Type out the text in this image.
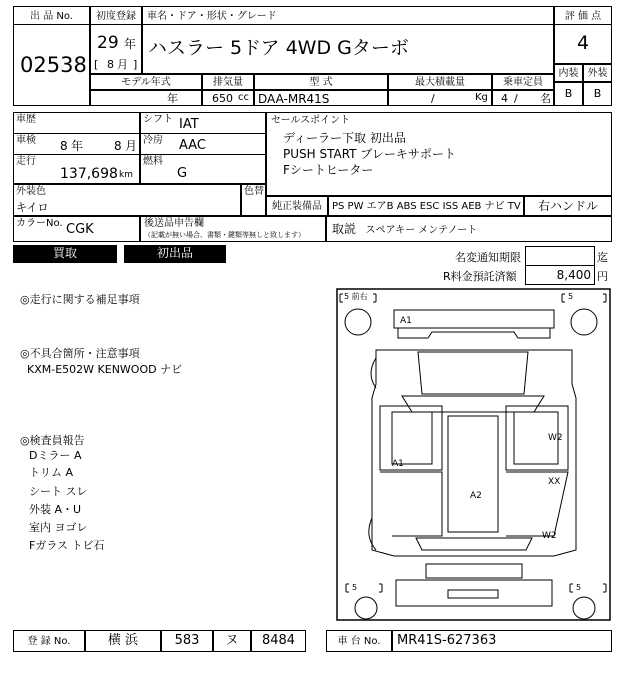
出 品 No.
02538
初度登録
29 年
[ 8 月 ]
車名・ドア・形状・グレード
ハスラー 5ドア 4WD Gターボ
評 価 点
4
内装 外装
B	B
モデル年式
年
排気量
650 cc
型 式
DAA-MR41S
最大積載量
/	Kg
乗車定員
4 / 名
車歴
車検 8 年	8 月
走行
137,698 km
シフト IAT
冷房 AAC
燃料
G
外装色
キイロ
色替
カラーNo. CGK	後送品申告欄
（記載が無い場合、書類・鍵類等無しと致します）
セールスポイント
ディーラー下取 初出品
PUSH START ブレーキサポート
Fシートヒーター
純正装備品	PS PW エアB ABS ESC ISS AEB ナビ TV	右ハンドル
取説 スペアキー メンテノート
買取	初出品	名変通知期限	迄
R料金預託済額	8,400 円
◎走行に関する補足事項
◎不具合箇所・注意事項
KXM-E502W KENWOOD ナビ
◎検査員報告
Dミラー A
トリム A
シート スレ
外装 A・U
室内 ヨゴレ
Fガラス トビ石
5 前右	5
5	5
A1
A1
A2
W2
XX
W2
登 録 No.	横 浜	583	ヌ	8484	車 台 No.	MR41S-627363
